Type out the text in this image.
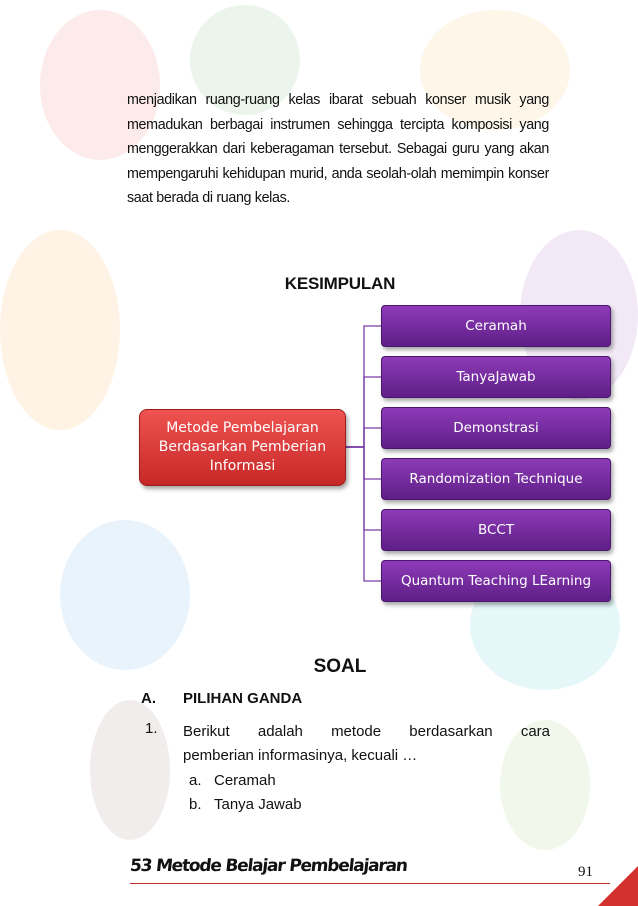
menjadikan ruang-ruang kelas ibarat sebuah konser musik yang memadukan berbagai instrumen sehingga tercipta komposisi yang menggerakkan dari keberagaman tersebut. Sebagai guru yang akan mempengaruhi kehidupan murid, anda seolah-olah memimpin konser saat berada di ruang kelas.

KESIMPULAN
Metode Pembelajaran Berdasarkan Pemberian Informasi
Ceramah
TanyaJawab
Demonstrasi
Randomization Technique
BCCT
Quantum Teaching LEarning
SOAL
A. PILIHAN GANDA
1. Berikut adalah metode berdasarkan cara
pemberian informasinya, kecuali …
a. Ceramah
b. Tanya Jawab
53 Metode Belajar Pembelajaran	91
